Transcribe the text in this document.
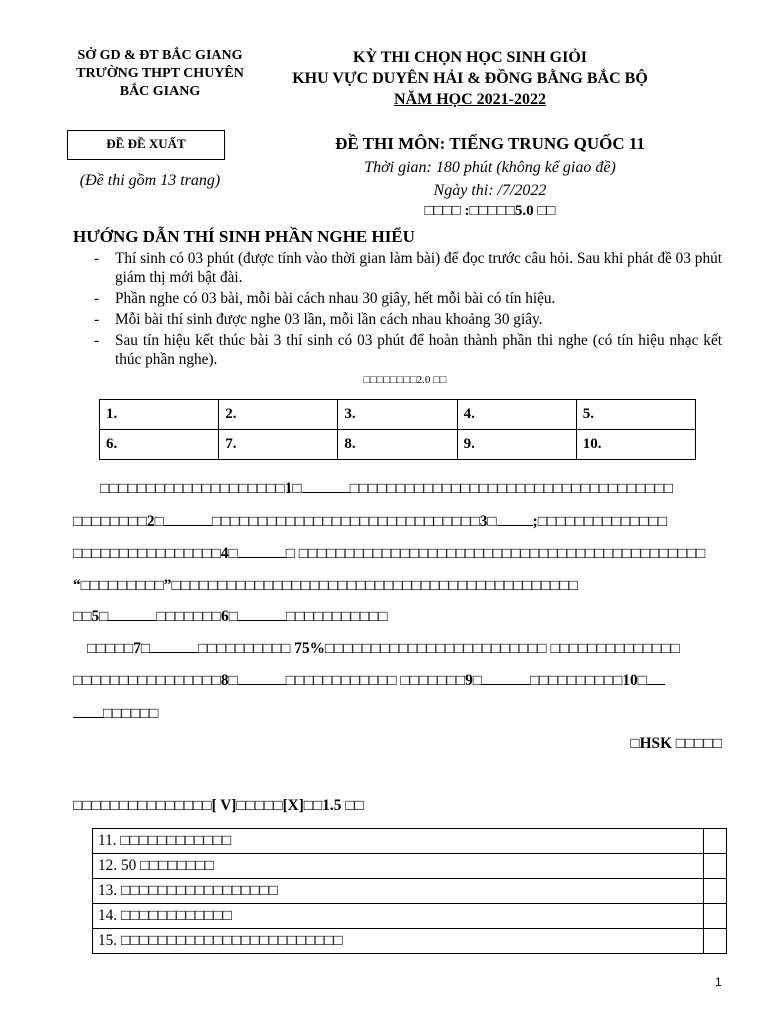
SỞ GD & ĐT BẮC GIANG
TRƯỜNG THPT CHUYÊN
BẮC GIANG
KỲ THI CHỌN HỌC SINH GIỎI
KHU VỰC DUYÊN HẢI & ĐỒNG BẰNG BẮC BỘ
NĂM HỌC 2021-2022
ĐỀ ĐỀ XUẤT
(Đề thi gồm 13 trang)
ĐỀ THI MÔN: TIẾNG TRUNG QUỐC 11
Thời gian: 180 phút (không kể giao đề)
Ngày thi: /7/2022
□□□□ :□□□□□5.0 □□
HƯỚNG DẪN THÍ SINH PHẦN NGHE HIỂU
- Thí sinh có 03 phút (được tính vào thời gian làm bài) để đọc trước câu hỏi. Sau khi phát đề 03 phút giám thị mới bật đài.
- Phần nghe có 03 bài, mỗi bài cách nhau 30 giây, hết mỗi bài có tín hiệu.
- Mỗi bài thí sinh được nghe 03 lần, mỗi lần cách nhau khoảng 30 giây.
- Sau tín hiệu kết thúc bài 3 thí sinh có 03 phút để hoàn thành phần thi nghe (có tín hiệu nhạc kết thúc phần nghe).
□□□□□□□□2.0 □□
1.	2.	3.	4.	5.
6.	7.	8.	9.	10.
□□□□□□□□□□□□□□□□□□□□1□	□□□□□□□□□□□□□□□□□□□□□□□□□□□□□□□□□□□
□□□□□□□□2□	□□□□□□□□□□□□□□□□□□□□□□□□□□□□□3□ ;□□□□□□□□□□□□□□
□□□□□□□□□□□□□□□□4□	□ □□□□□□□□□□□□□□□□□□□□□□□□□□□□□□□□□□□□□□□□□□□□
“□□□□□□□□□”□□□□□□□□□□□□□□□□□□□□□□□□□□□□□□□□□□□□□□□□□□□□
□□5□	□□□□□□□6□	□□□□□□□□□□□
□□□□□7□	□□□□□□□□□□ 75%□□□□□□□□□□□□□□□□□□□□□□□□ □□□□□□□□□□□□□□
□□□□□□□□□□□□□□□□8□	□□□□□□□□□□□□ □□□□□□□9□	□□□□□□□□□□10□
□□□□□□
□HSK □□□□□
□□□□□□□□□□□□□□□[ V]□□□□□[X]□□1.5 □□
11. □□□□□□□□□□□□	
12. 50 □□□□□□□□	
13. □□□□□□□□□□□□□□□□□	
14. □□□□□□□□□□□□	
15. □□□□□□□□□□□□□□□□□□□□□□□□	
1
